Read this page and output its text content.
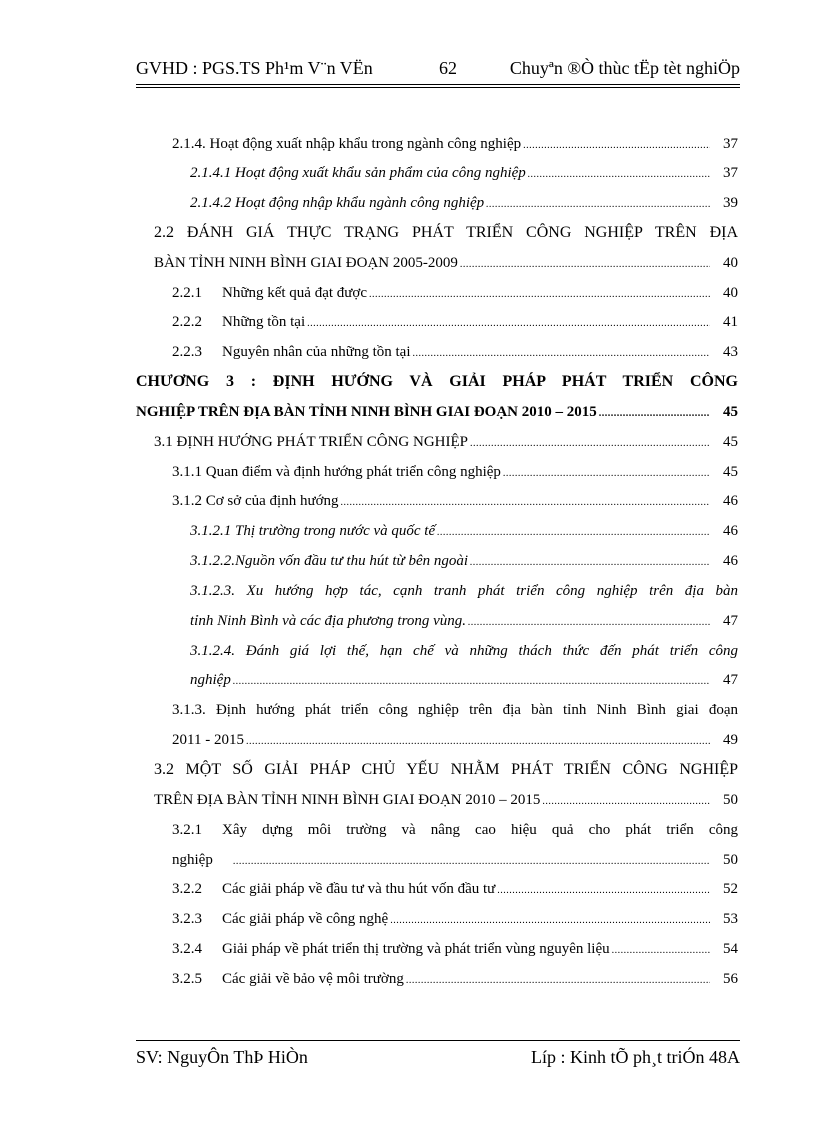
GVHD : PGS.TS Ph¹m V¨n VËn	62	Chuyªn ®Ò thùc tËp tèt nghiÖp
2.1.4. Hoạt động xuất nhập khẩu trong ngành công nghiệp .....	37
2.1.4.1 Hoạt động xuất khẩu sản phẩm của công nghiệp .....	37
2.1.4.2 Hoạt động nhập khẩu ngành công nghiệp .....	39
2.2 ĐÁNH GIÁ THỰC TRẠNG PHÁT TRIỂN CÔNG NGHIỆP TRÊN ĐỊA
BÀN TỈNH NINH BÌNH GIAI ĐOẠN 2005-2009 .....	40
2.2.1 Những kết quả đạt được .....	40
2.2.2 Những tồn tại .....	41
2.2.3 Nguyên nhân của những tồn tại .....	43
CHƯƠNG 3 : ĐỊNH HƯỚNG VÀ GIẢI PHÁP PHÁT TRIỂN CÔNG
NGHIỆP TRÊN ĐỊA BÀN TỈNH NINH BÌNH GIAI ĐOẠN 2010 – 2015 .....	45
3.1 ĐỊNH HƯỚNG PHÁT TRIỂN CÔNG NGHIỆP .....	45
3.1.1 Quan điểm và định hướng phát triển công nghiệp .....	45
3.1.2 Cơ sở của định hướng .....	46
3.1.2.1 Thị trường trong nước và quốc tế .....	46
3.1.2.2.Nguồn vốn đầu tư thu hút từ bên ngoài .....	46
3.1.2.3. Xu hướng hợp tác, cạnh tranh phát triển công nghiệp trên địa bàn
tỉnh Ninh Bình và các địa phương trong vùng. .....	47
3.1.2.4. Đánh giá lợi thế, hạn chế và những thách thức đến phát triển công
nghiệp .....	47
3.1.3. Định hướng phát triển công nghiệp trên địa bàn tỉnh Ninh Bình giai đoạn
2011 - 2015 .....	49
3.2 MỘT SỐ GIẢI PHÁP CHỦ YẾU NHẰM PHÁT TRIỂN CÔNG NGHIỆP
TRÊN ĐỊA BÀN TỈNH NINH BÌNH GIAI ĐOẠN 2010 – 2015 .....	50
3.2.1 Xây dựng môi trường và nâng cao hiệu quả cho phát triển công
nghiệp .....	50
3.2.2 Các giải pháp về đầu tư và thu hút vốn đầu tư .....	52
3.2.3 Các giải pháp về công nghệ .....	53
3.2.4 Giải pháp về phát triển thị trường và phát triển vùng nguyên liệu .....	54
3.2.5 Các giải về bảo vệ môi trường .....	56
SV: NguyÔn ThÞ HiÒn	Líp : Kinh tÕ ph¸t triÓn 48A
